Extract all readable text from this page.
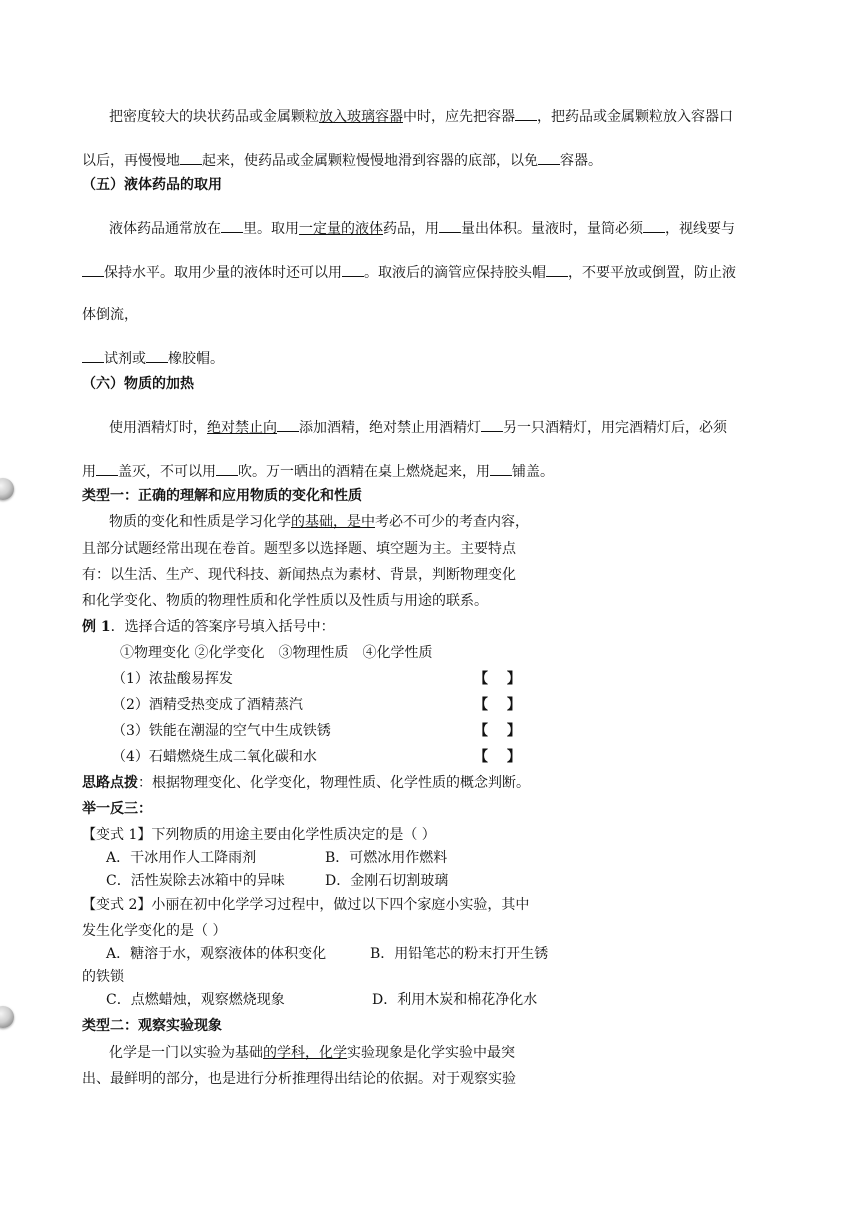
把密度较大的块状药品或金属颗粒放入玻璃容器中时，应先把容器 ，把药品或金属颗粒放入容器口
以后，再慢慢地 起来，使药品或金属颗粒慢慢地滑到容器的底部，以免 容器。
（五）液体药品的取用
液体药品通常放在 里。取用一定量的液体药品，用 量出体积。量液时，量筒必须 ，视线要与
保持水平。取用少量的液体时还可以用 。取液后的滴管应保持胶头帽 ，不要平放或倒置，防止液
体倒流，
试剂或 橡胶帽。
（六）物质的加热
使用酒精灯时，绝对禁止向 添加酒精，绝对禁止用酒精灯 另一只酒精灯，用完酒精灯后，必须
用 盖灭，不可以用 吹。万一晒出的酒精在桌上燃烧起来，用 铺盖。
类型一：正确的理解和应用物质的变化和性质
物质的变化和性质是学习化学的基础，是中考必不可少的考查内容，
且部分试题经常出现在卷首。题型多以选择题、填空题为主。主要特点
有：以生活、生产、现代科技、新闻热点为素材、背景，判断物理变化
和化学变化、物质的物理性质和化学性质以及性质与用途的联系。
例 1．选择合适的答案序号填入括号中：
①物理变化 ②化学变化　③物理性质　④化学性质
（1）浓盐酸易挥发	【　 】
（2）酒精受热变成了酒精蒸汽	【　 】
（3）铁能在潮湿的空气中生成铁锈	【　 】
（4）石蜡燃烧生成二氧化碳和水	【　 】
思路点拨：根据物理变化、化学变化，物理性质、化学性质的概念判断。
举一反三：
【变式 1】下列物质的用途主要由化学性质决定的是（ ）
A．干冰用作人工降雨剂	B．可燃冰用作燃料
C．活性炭除去冰箱中的异味	D．金刚石切割玻璃
【变式 2】小丽在初中化学学习过程中，做过以下四个家庭小实验，其中
发生化学变化的是（ ）
A．糖溶于水，观察液体的体积变化	B．用铅笔芯的粉末打开生锈
的铁锁
C．点燃蜡烛，观察燃烧现象	D．利用木炭和棉花净化水
类型二：观察实验现象
化学是一门以实验为基础的学科，化学实验现象是化学实验中最突
出、最鲜明的部分，也是进行分析推理得出结论的依据。对于观察实验
